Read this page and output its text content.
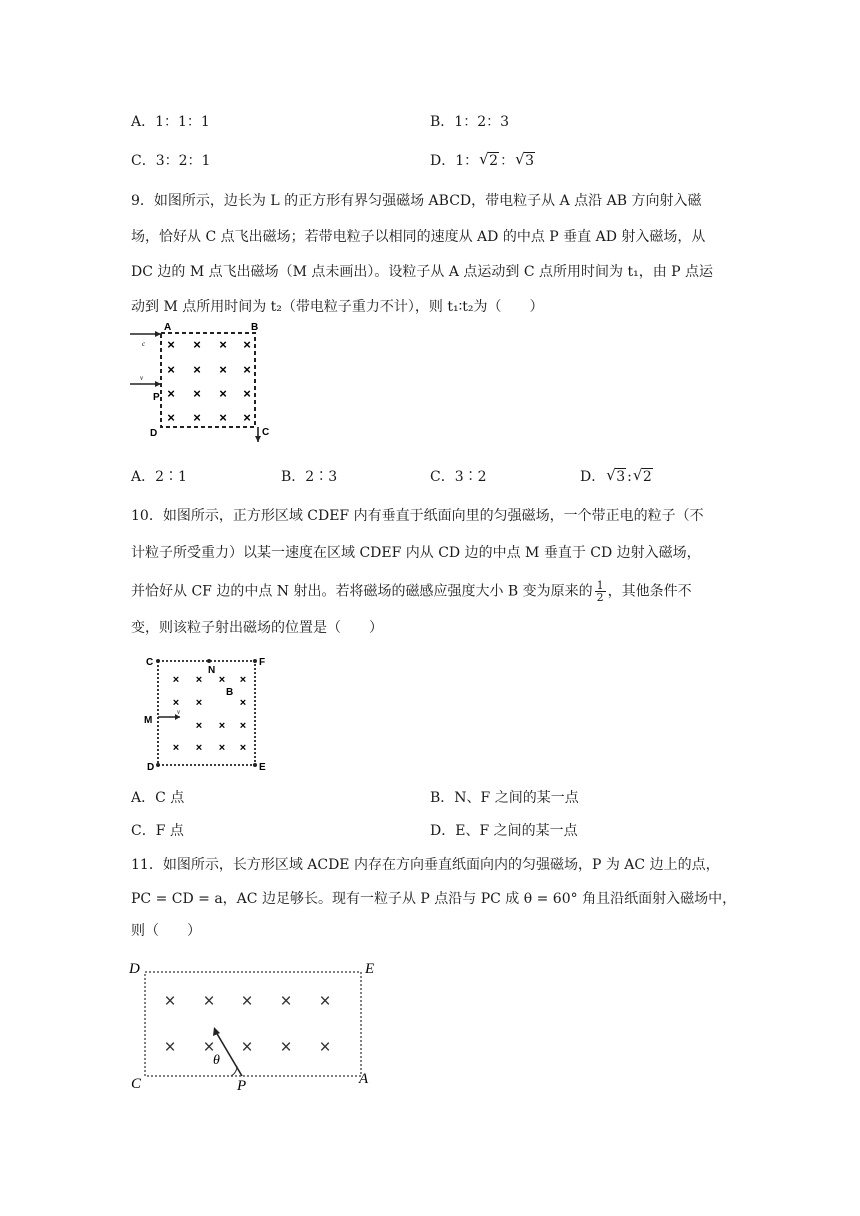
A．1：1：1	B．1：2：3
C．3：2：1	D．1： √ 2 ： √ 3
9．如图所示，边长为 L 的正方形有界匀强磁场 ABCD，带电粒子从 A 点沿 AB 方向射入磁
场，恰好从 C 点飞出磁场；若带电粒子以相同的速度从 AD 的中点 P 垂直 AD 射入磁场，从
DC 边的 M 点飞出磁场（M 点未画出）。设粒子从 A 点运动到 C 点所用时间为 t₁，由 P 点运
动到 M 点所用时间为 t₂（带电粒子重力不计），则 t₁∶t₂为（　　）
A	B
C
D
P
c
v
× × × ×
× × × ×
× × × ×
× × × ×
A．2∶1	B．2∶3	C．3∶2	D． √ 3 : √ 2
10．如图所示，正方形区域 CDEF 内有垂直于纸面向里的匀强磁场，一个带正电的粒子（不
计粒子所受重力）以某一速度在区域 CDEF 内从 CD 边的中点 M 垂直于 CD 边射入磁场，
并恰好从 CF 边的中点 N 射出。若将磁场的磁感应强度大小 B 变为原来的 $\frac{1}{2}$ ，其他条件不
变，则该粒子射出磁场的位置是（　　）
C	F
N
B
M
v
D	E
× × × ×
× ×	×
× × ×
× × × ×
A．C 点	B．N、F 之间的某一点
C．F 点	D．E、F 之间的某一点
11．如图所示，长方形区域 ACDE 内存在方向垂直纸面向内的匀强磁场，P 为 AC 边上的点，
PC = CD = a，AC 边足够长。现有一粒子从 P 点沿与 PC 成 θ = 60° 角且沿纸面射入磁场中，
则（　　）
D	E
C	A
P
θ
× × × × ×
× × × × ×
